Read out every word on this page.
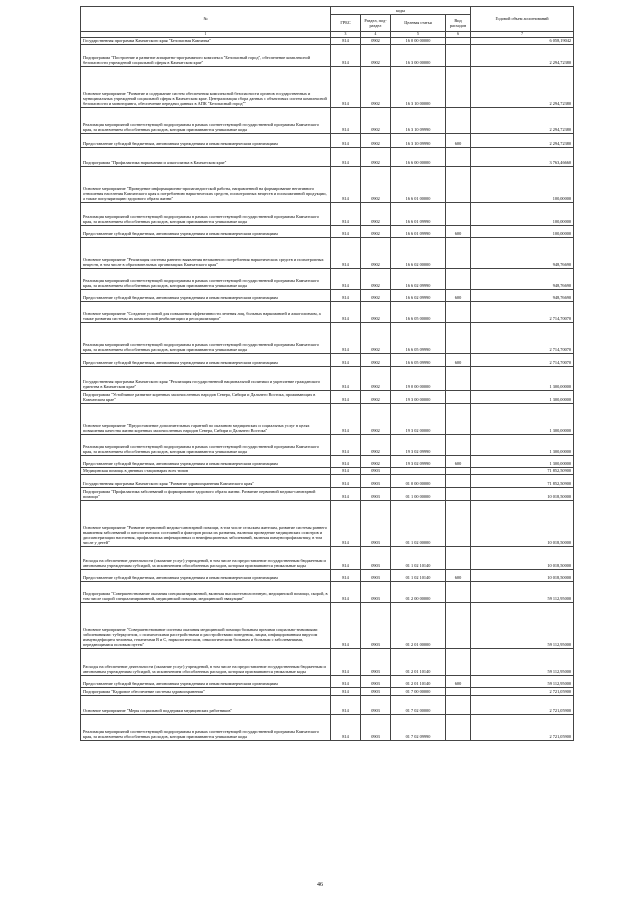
№	коды				Годовой объем ассигнований
	ГРБС	Раздел, под-раздел	Целевая статья	Вид расходов	
1	3	4	5	6	7
Государственная программа Камчатского края "Безопасная Камчатка"	814	0902	16 0 00 00000		6 058,19042
Подпрограмма "Построение и развитие аппаратно-программного комплекса "Безопасный город", обеспечение комплексной безопасности учреждений социальной сферы в Камчатском крае"	814	0902	16 3 00 00000		2 294,72380
Основное мероприятие "Развитие и содержание систем обеспечения комплексной безопасности органов государственных и муниципальных учреждений социальной сферы в Камчатском крае. Централизация сбора данных с объектовых систем комплексной безопасности и мониторинга, обеспечение передачи данных в АПК "Безопасный город""	814	0902	16 3 10 00000		2 294,72380
Реализация мероприятий соответствующей подпрограммы в рамках соответствующей государственной программы Камчатского края, за исключением обособленных расходов, которым присваиваются уникальные коды	814	0902	16 3 10 09990		2 294,72380
Предоставление субсидий бюджетным, автономным учреждениям и иным некоммерческим организациям	814	0902	16 3 10 09990	600	2 294,72380
Подпрограмма "Профилактика наркомании и алкоголизма в Камчатском крае"	814	0902	16 6 00 00000		3 763,46660
Основное мероприятие "Проведение информационно-пропагандистской работы, направленной на формирование негативного отношения населения Камчатского края к потреблению наркотических средств, психотропных веществ и психоактивной продукции, а также популяризацию здорового образа жизни"	814	0902	16 6 01 00000		100,00000
Реализация мероприятий соответствующей подпрограммы в рамках соответствующей государственной программы Камчатского края, за исключением обособленных расходов, которым присваиваются уникальные коды	814	0902	16 6 01 09990		100,00000
Предоставление субсидий бюджетным, автономным учреждениям и иным некоммерческим организациям	814	0902	16 6 01 09990	600	100,00000
Основное мероприятие "Реализация системы раннего выявления незаконного потребления наркотических средств и психотропных веществ, в том числе в образовательных организациях Камчатского края"	814	0902	16 6 02 00000		948,76690
Реализация мероприятий соответствующей подпрограммы в рамках соответствующей государственной программы Камчатского края, за исключением обособленных расходов, которым присваиваются уникальные коды	814	0902	16 6 02 09990		948,76690
Предоставление субсидий бюджетным, автономным учреждениям и иным некоммерческим организациям	814	0902	16 6 02 09990	600	948,76690
Основное мероприятие "Создание условий для повышения эффективности лечения лиц, больных наркоманией и алкоголизмом, а также развития системы их комплексной реабилитации и ресоциализации"	814	0902	16 6 05 00000		2 714,70070
Реализация мероприятий соответствующей подпрограммы в рамках соответствующей государственной программы Камчатского края, за исключением обособленных расходов, которым присваиваются уникальные коды	814	0902	16 6 05 09990		2 714,70070
Предоставление субсидий бюджетным, автономным учреждениям и иным некоммерческим организациям	814	0902	16 6 05 09990	600	2 714,70070
Государственная программа Камчатского края "Реализация государственной национальной политики и укрепление гражданского единства в Камчатском крае"	814	0902	19 0 00 00000		1 300,00000
Подпрограмма "Устойчивое развитие коренных малочисленных народов Севера, Сибири и Дальнего Востока, проживающих в Камчатском крае"	814	0902	19 3 00 00000		1 300,00000
Основное мероприятие "Предоставление дополнительных гарантий по оказанию медицинских и социальных услуг в целях повышения качества жизни коренных малочисленных народов Севера, Сибири и Дальнего Востока"	814	0902	19 3 02 00000		1 300,00000
Реализация мероприятий соответствующей подпрограммы в рамках соответствующей государственной программы Камчатского края, за исключением обособленных расходов, которым присваиваются уникальные коды	814	0902	19 3 02 09990		1 300,00000
Предоставление субсидий бюджетным, автономным учреждениям и иным некоммерческим организациям	814	0902	19 3 02 09990	600	1 300,00000
Медицинская помощь в дневных стационарах всех типов	814	0903			71 852,50900
Государственная программа Камчатского края "Развитие здравоохранения Камчатского края"	814	0903	01 0 00 00000		71 852,50900
Подпрограмма "Профилактика заболеваний и формирование здорового образа жизни. Развитие первичной медико-санитарной помощи"	814	0903	01 1 00 00000		10 018,50000
Основное мероприятие "Развитие первичной медико-санитарной помощи, в том числе сельским жителям, развитие системы раннего выявления заболеваний и патологических состояний и факторов риска их развития, включая проведение медицинских осмотров и диспансеризации населения, профилактика инфекционных и неинфекционных заболеваний, включая иммунопрофилактику, в том числе у детей"	814	0903	01 1 02 00000		10 018,50000
Расходы на обеспечение деятельности (оказание услуг) учреждений, в том числе на предоставление государственным бюджетным и автономным учреждениям субсидий, за исключением обособленных расходов, которым присваиваются уникальные коды	814	0903	01 1 02 10140		10 018,50000
Предоставление субсидий бюджетным, автономным учреждениям и иным некоммерческим организациям	814	0903	01 1 02 10140	600	10 018,50000
Подпрограмма "Совершенствование оказания специализированной, включая высокотехнологичную, медицинской помощи, скорой, в том числе скорой специализированной, медицинской помощи, медицинской эвакуации"	814	0903	01 2 00 00000		59 112,95000
Основное мероприятие "Совершенствование системы оказания медицинской помощи больным прочими социально-значимыми заболеваниями: туберкулезом, с психическими расстройствами и расстройствами поведения, лицам, инфицированным вирусом иммунодефицита человека, гепатитами В и С, наркологическим, онкологическим больным и больным с заболеваниями, передающимися половым путем"	814	0903	01 2 01 00000		59 112,95000
Расходы на обеспечение деятельности (оказание услуг) учреждений, в том числе на предоставление государственным бюджетным и автономным учреждениям субсидий, за исключением обособленных расходов, которым присваиваются уникальные коды	814	0903	01 2 01 10140		59 112,95000
Предоставление субсидий бюджетным, автономным учреждениям и иным некоммерческим организациям	814	0903	01 2 01 10140	600	59 112,95000
Подпрограмма "Кадровое обеспечение системы здравоохранения"	814	0903	01 7 00 00000		2 721,05900
Основное мероприятие "Меры социальной поддержки медицинских работников"	814	0903	01 7 02 00000		2 721,05900
Реализация мероприятий соответствующей подпрограммы в рамках соответствующей государственной программы Камчатского края, за исключением обособленных расходов, которым присваиваются уникальные коды	814	0903	01 7 02 09990		2 721,05900
46
